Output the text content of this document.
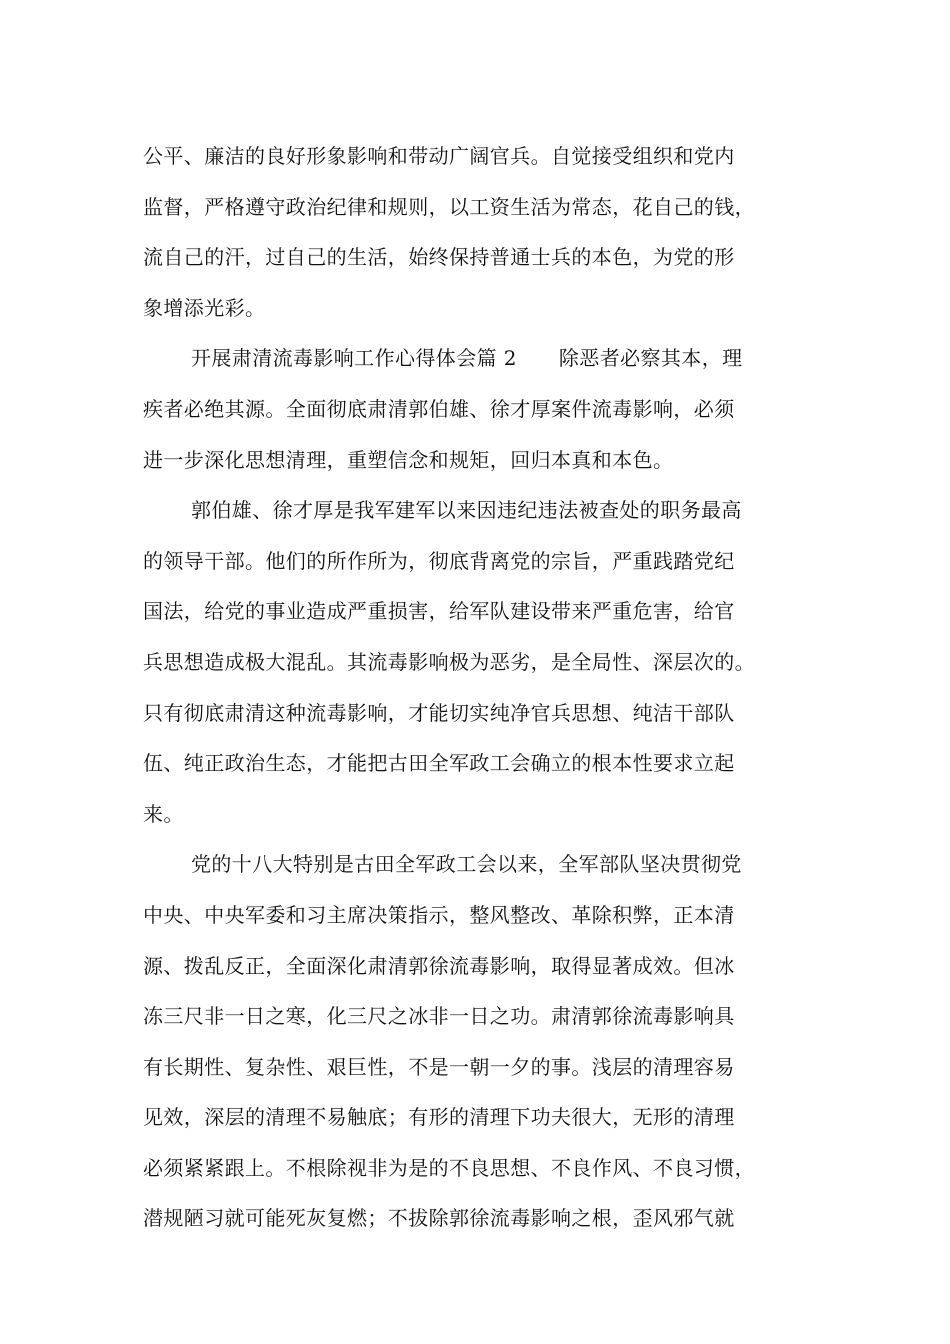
公平、廉洁的良好形象影响和带动广阔官兵。自觉接受组织和党内
监督，严格遵守政治纪律和规则，以工资生活为常态，花自己的钱，
流自己的汗，过自己的生活，始终保持普通士兵的本色，为党的形
象增添光彩。
开展肃清流毒影响工作心得体会篇 2 除恶者必察其本，理
疾者必绝其源。全面彻底肃清郭伯雄、徐才厚案件流毒影响，必须
进一步深化思想清理，重塑信念和规矩，回归本真和本色。
郭伯雄、徐才厚是我军建军以来因违纪违法被查处的职务最高
的领导干部。他们的所作所为，彻底背离党的宗旨，严重践踏党纪
国法，给党的事业造成严重损害，给军队建设带来严重危害，给官
兵思想造成极大混乱。其流毒影响极为恶劣，是全局性、深层次的。
只有彻底肃清这种流毒影响，才能切实纯净官兵思想、纯洁干部队
伍、纯正政治生态，才能把古田全军政工会确立的根本性要求立起
来。
党的十八大特别是古田全军政工会以来，全军部队坚决贯彻党
中央、中央军委和习主席决策指示，整风整改、革除积弊，正本清
源、拨乱反正，全面深化肃清郭徐流毒影响，取得显著成效。但冰
冻三尺非一日之寒，化三尺之冰非一日之功。肃清郭徐流毒影响具
有长期性、复杂性、艰巨性，不是一朝一夕的事。浅层的清理容易
见效，深层的清理不易触底；有形的清理下功夫很大，无形的清理
必须紧紧跟上。不根除视非为是的不良思想、不良作风、不良习惯，
潜规陋习就可能死灰复燃；不拔除郭徐流毒影响之根，歪风邪气就
